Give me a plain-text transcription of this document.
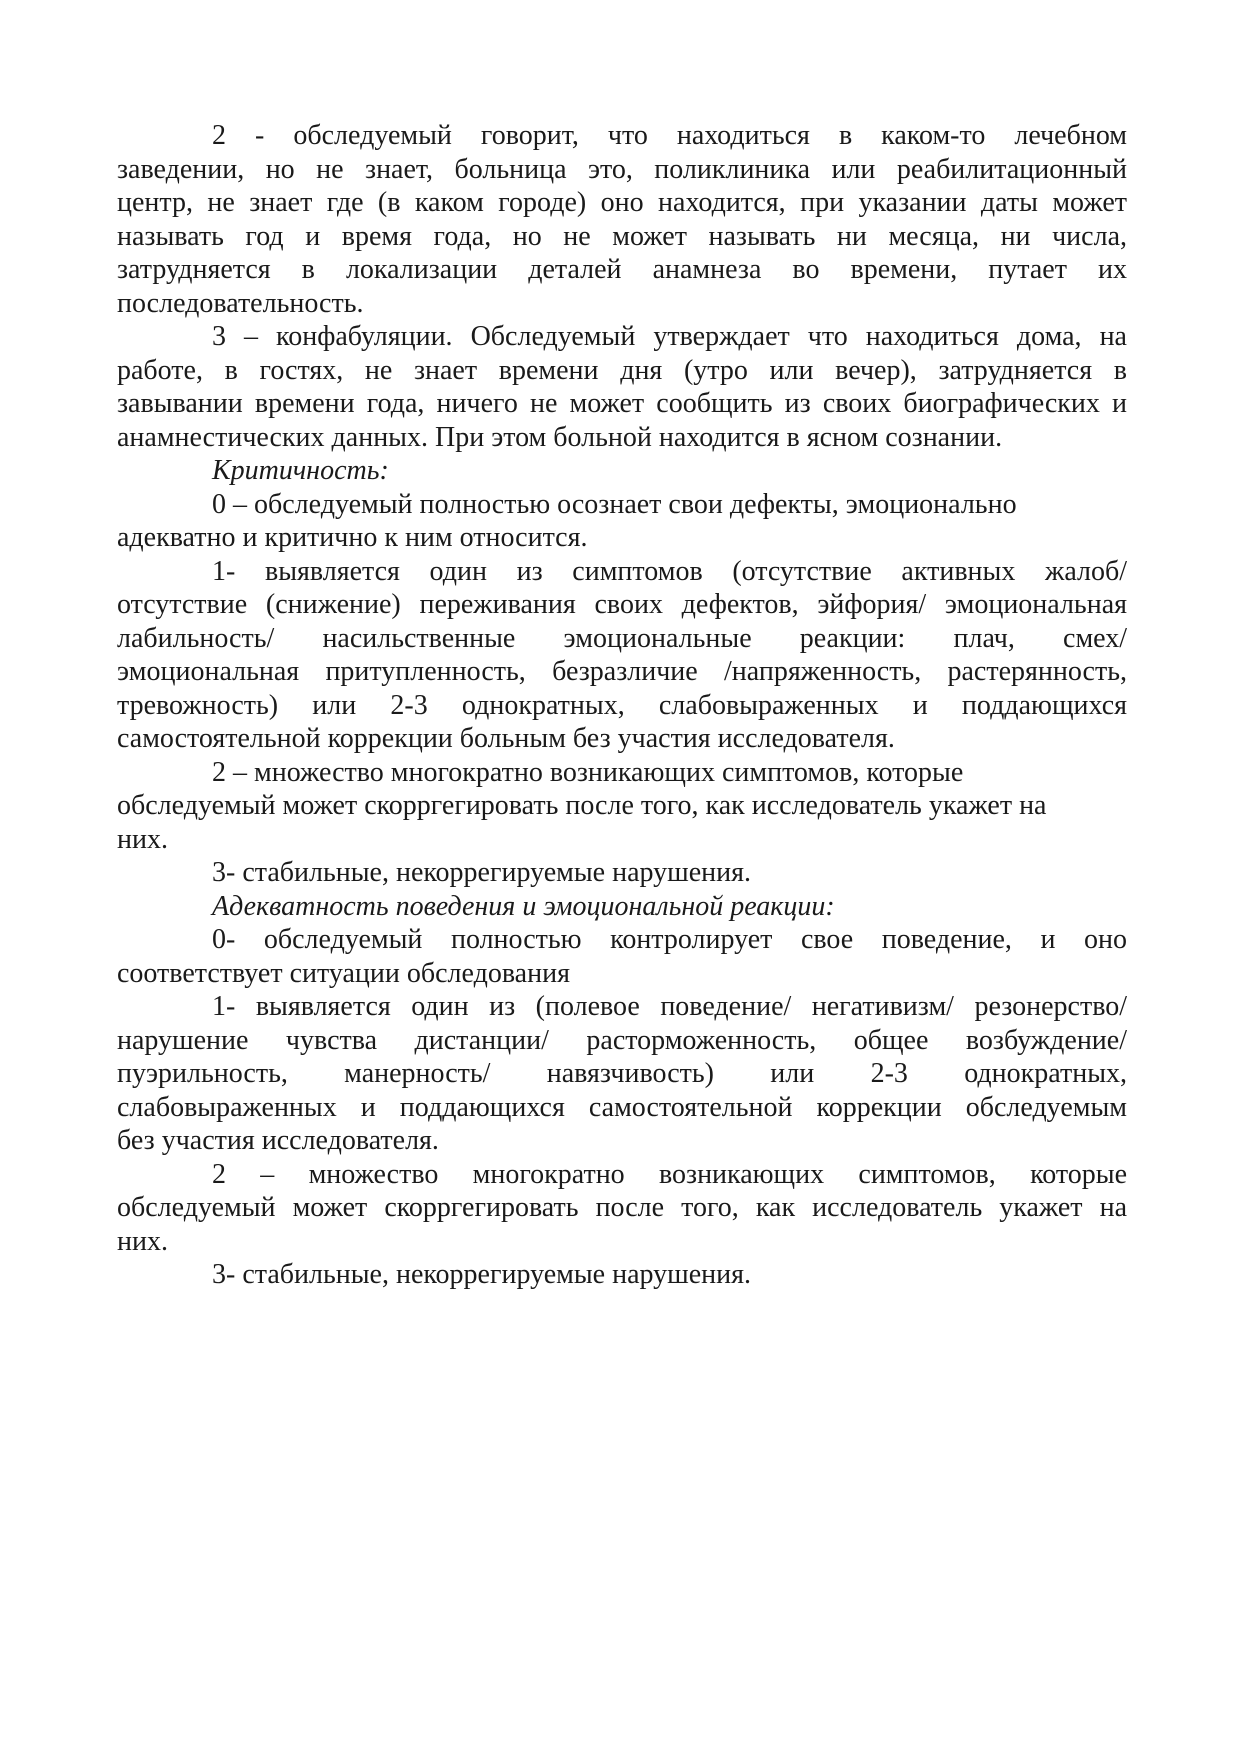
2 - обследуемый говорит, что находиться в каком-то лечебном
заведении, но не знает, больница это, поликлиника или реабилитационный
центр, не знает где (в каком городе) оно находится, при указании даты может
называть год и время года, но не может называть ни месяца, ни числа,
затрудняется в локализации деталей анамнеза во времени, путает их
последовательность.
3 – конфабуляции. Обследуемый утверждает что находиться дома, на
работе, в гостях, не знает времени дня (утро или вечер), затрудняется в
завывании времени года, ничего не может сообщить из своих биографических и
анамнестических данных. При этом больной находится в ясном сознании.
Критичность:
0 – обследуемый полностью осознает свои дефекты, эмоционально
адекватно и критично к ним относится.
1- выявляется один из симптомов (отсутствие активных жалоб/
отсутствие (снижение) переживания своих дефектов, эйфория/ эмоциональная
лабильность/ насильственные эмоциональные реакции: плач, смех/
эмоциональная притупленность, безразличие /напряженность, растерянность,
тревожность) или 2-3 однократных, слабовыраженных и поддающихся
самостоятельной коррекции больным без участия исследователя.
2 – множество многократно возникающих симптомов, которые
обследуемый может скорргегировать после того, как исследователь укажет на
них.
3- стабильные, некоррегируемые нарушения.
Адекватность поведения и эмоциональной реакции:
0- обследуемый полностью контролирует свое поведение, и оно
соответствует ситуации обследования
1- выявляется один из (полевое поведение/ негативизм/ резонерство/
нарушение чувства дистанции/ расторможенность, общее возбуждение/
пуэрильность, манерность/ навязчивость) или 2-3 однократных,
слабовыраженных и поддающихся самостоятельной коррекции обследуемым
без участия исследователя.
2 – множество многократно возникающих симптомов, которые
обследуемый может скорргегировать после того, как исследователь укажет на
них.
3- стабильные, некоррегируемые нарушения.
